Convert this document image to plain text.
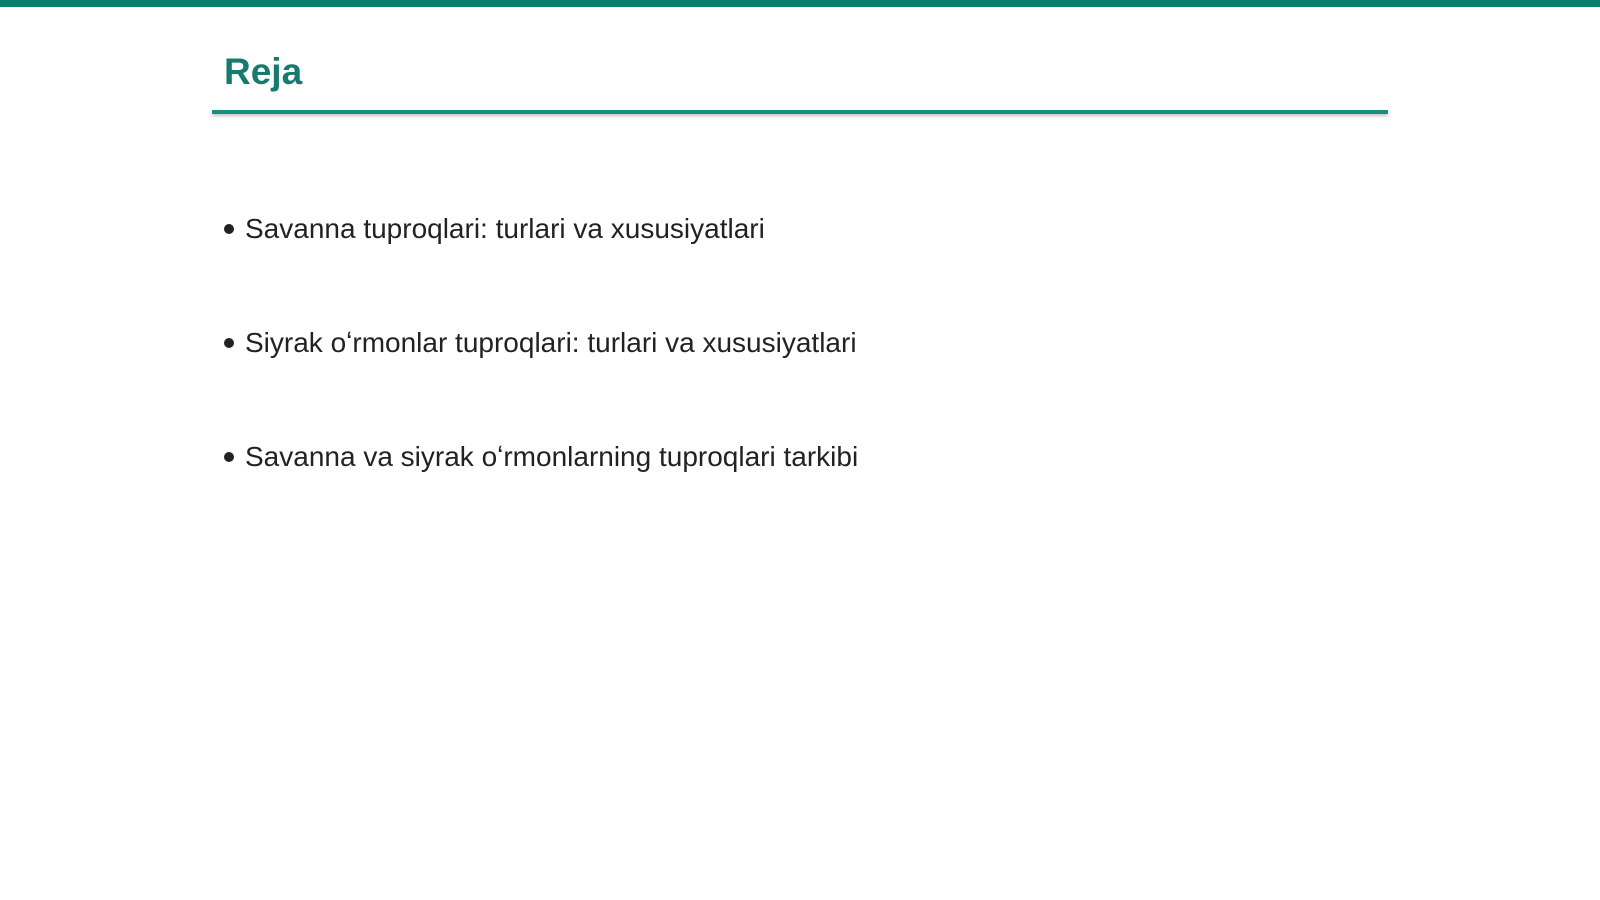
Reja
Savanna tuproqlari: turlari va xususiyatlari
Siyrak oʻrmonlar tuproqlari: turlari va xususiyatlari
Savanna va siyrak oʻrmonlarning tuproqlari tarkibi
